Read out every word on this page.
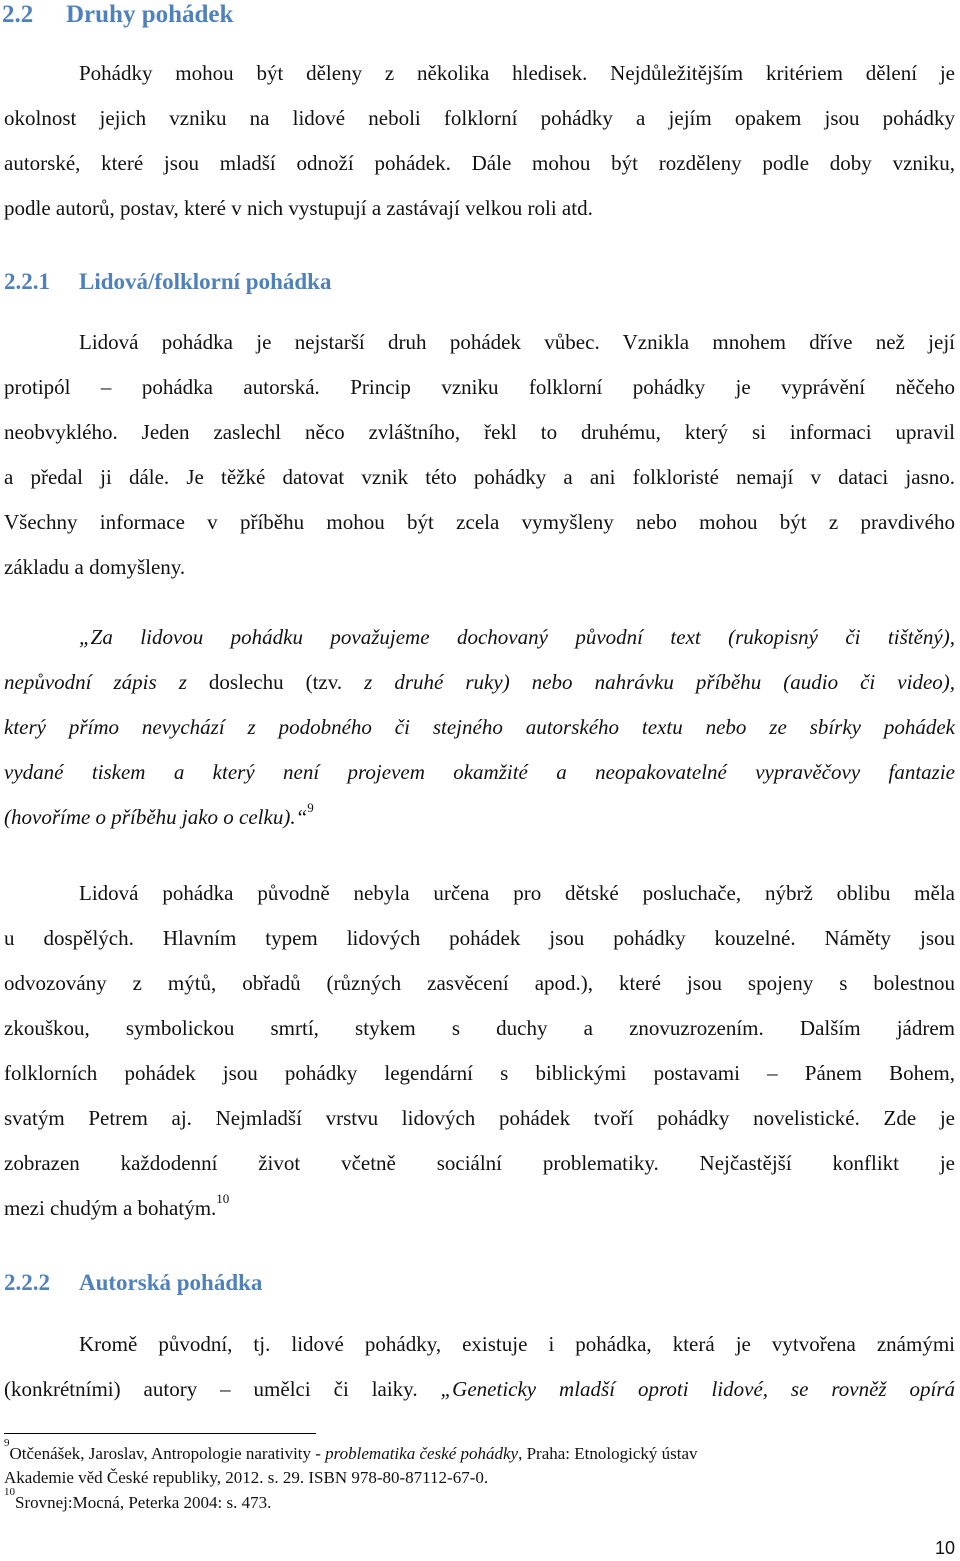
2.2 Druhy pohádek
Pohádky mohou být děleny z několika hledisek. Nejdůležitějším kritériem dělení je
okolnost jejich vzniku na lidové neboli folklorní pohádky a jejím opakem jsou pohádky
autorské, které jsou mladší odnoží pohádek. Dále mohou být rozděleny podle doby vzniku,
podle autorů, postav, které v nich vystupují a zastávají velkou roli atd.
2.2.1 Lidová/folklorní pohádka
Lidová pohádka je nejstarší druh pohádek vůbec. Vznikla mnohem dříve než její
protipól – pohádka autorská. Princip vzniku folklorní pohádky je vyprávění něčeho
neobvyklého. Jeden zaslechl něco zvláštního, řekl to druhému, který si informaci upravil
a předal ji dále. Je těžké datovat vznik této pohádky a ani folkloristé nemají v dataci jasno.
Všechny informace v příběhu mohou být zcela vymyšleny nebo mohou být z pravdivého
základu a domyšleny.
„Za lidovou pohádku považujeme dochovaný původní text (rukopisný či tištěný),
nepůvodní zápis z doslechu (tzv. z druhé ruky) nebo nahrávku příběhu (audio či video),
který přímo nevychází z podobného či stejného autorského textu nebo ze sbírky pohádek
vydané tiskem a který není projevem okamžité a neopakovatelné vypravěčovy fantazie
(hovoříme o příběhu jako o celku).“$^9$
Lidová pohádka původně nebyla určena pro dětské posluchače, nýbrž oblibu měla
u dospělých. Hlavním typem lidových pohádek jsou pohádky kouzelné. Náměty jsou
odvozovány z mýtů, obřadů (různých zasvěcení apod.), které jsou spojeny s bolestnou
zkouškou, symbolickou smrtí, stykem s duchy a znovuzrozením. Dalším jádrem
folklorních pohádek jsou pohádky legendární s biblickými postavami – Pánem Bohem,
svatým Petrem aj. Nejmladší vrstvu lidových pohádek tvoří pohádky novelistické. Zde je
zobrazen každodenní život včetně sociální problematiky. Nejčastější konflikt je
mezi chudým a bohatým.$^{10}$
2.2.2 Autorská pohádka
Kromě původní, tj. lidové pohádky, existuje i pohádka, která je vytvořena známými
(konkrétními) autory – umělci či laiky. „Geneticky mladší oproti lidové, se rovněž opírá

$^9$Otčenášek, Jaroslav, Antropologie narativity - problematika české pohádky, Praha: Etnologický ústav
Akademie věd České republiky, 2012. s. 29. ISBN 978-80-87112-67-0.

$^{10}$Srovnej:Mocná, Peterka 2004: s. 473.

10
